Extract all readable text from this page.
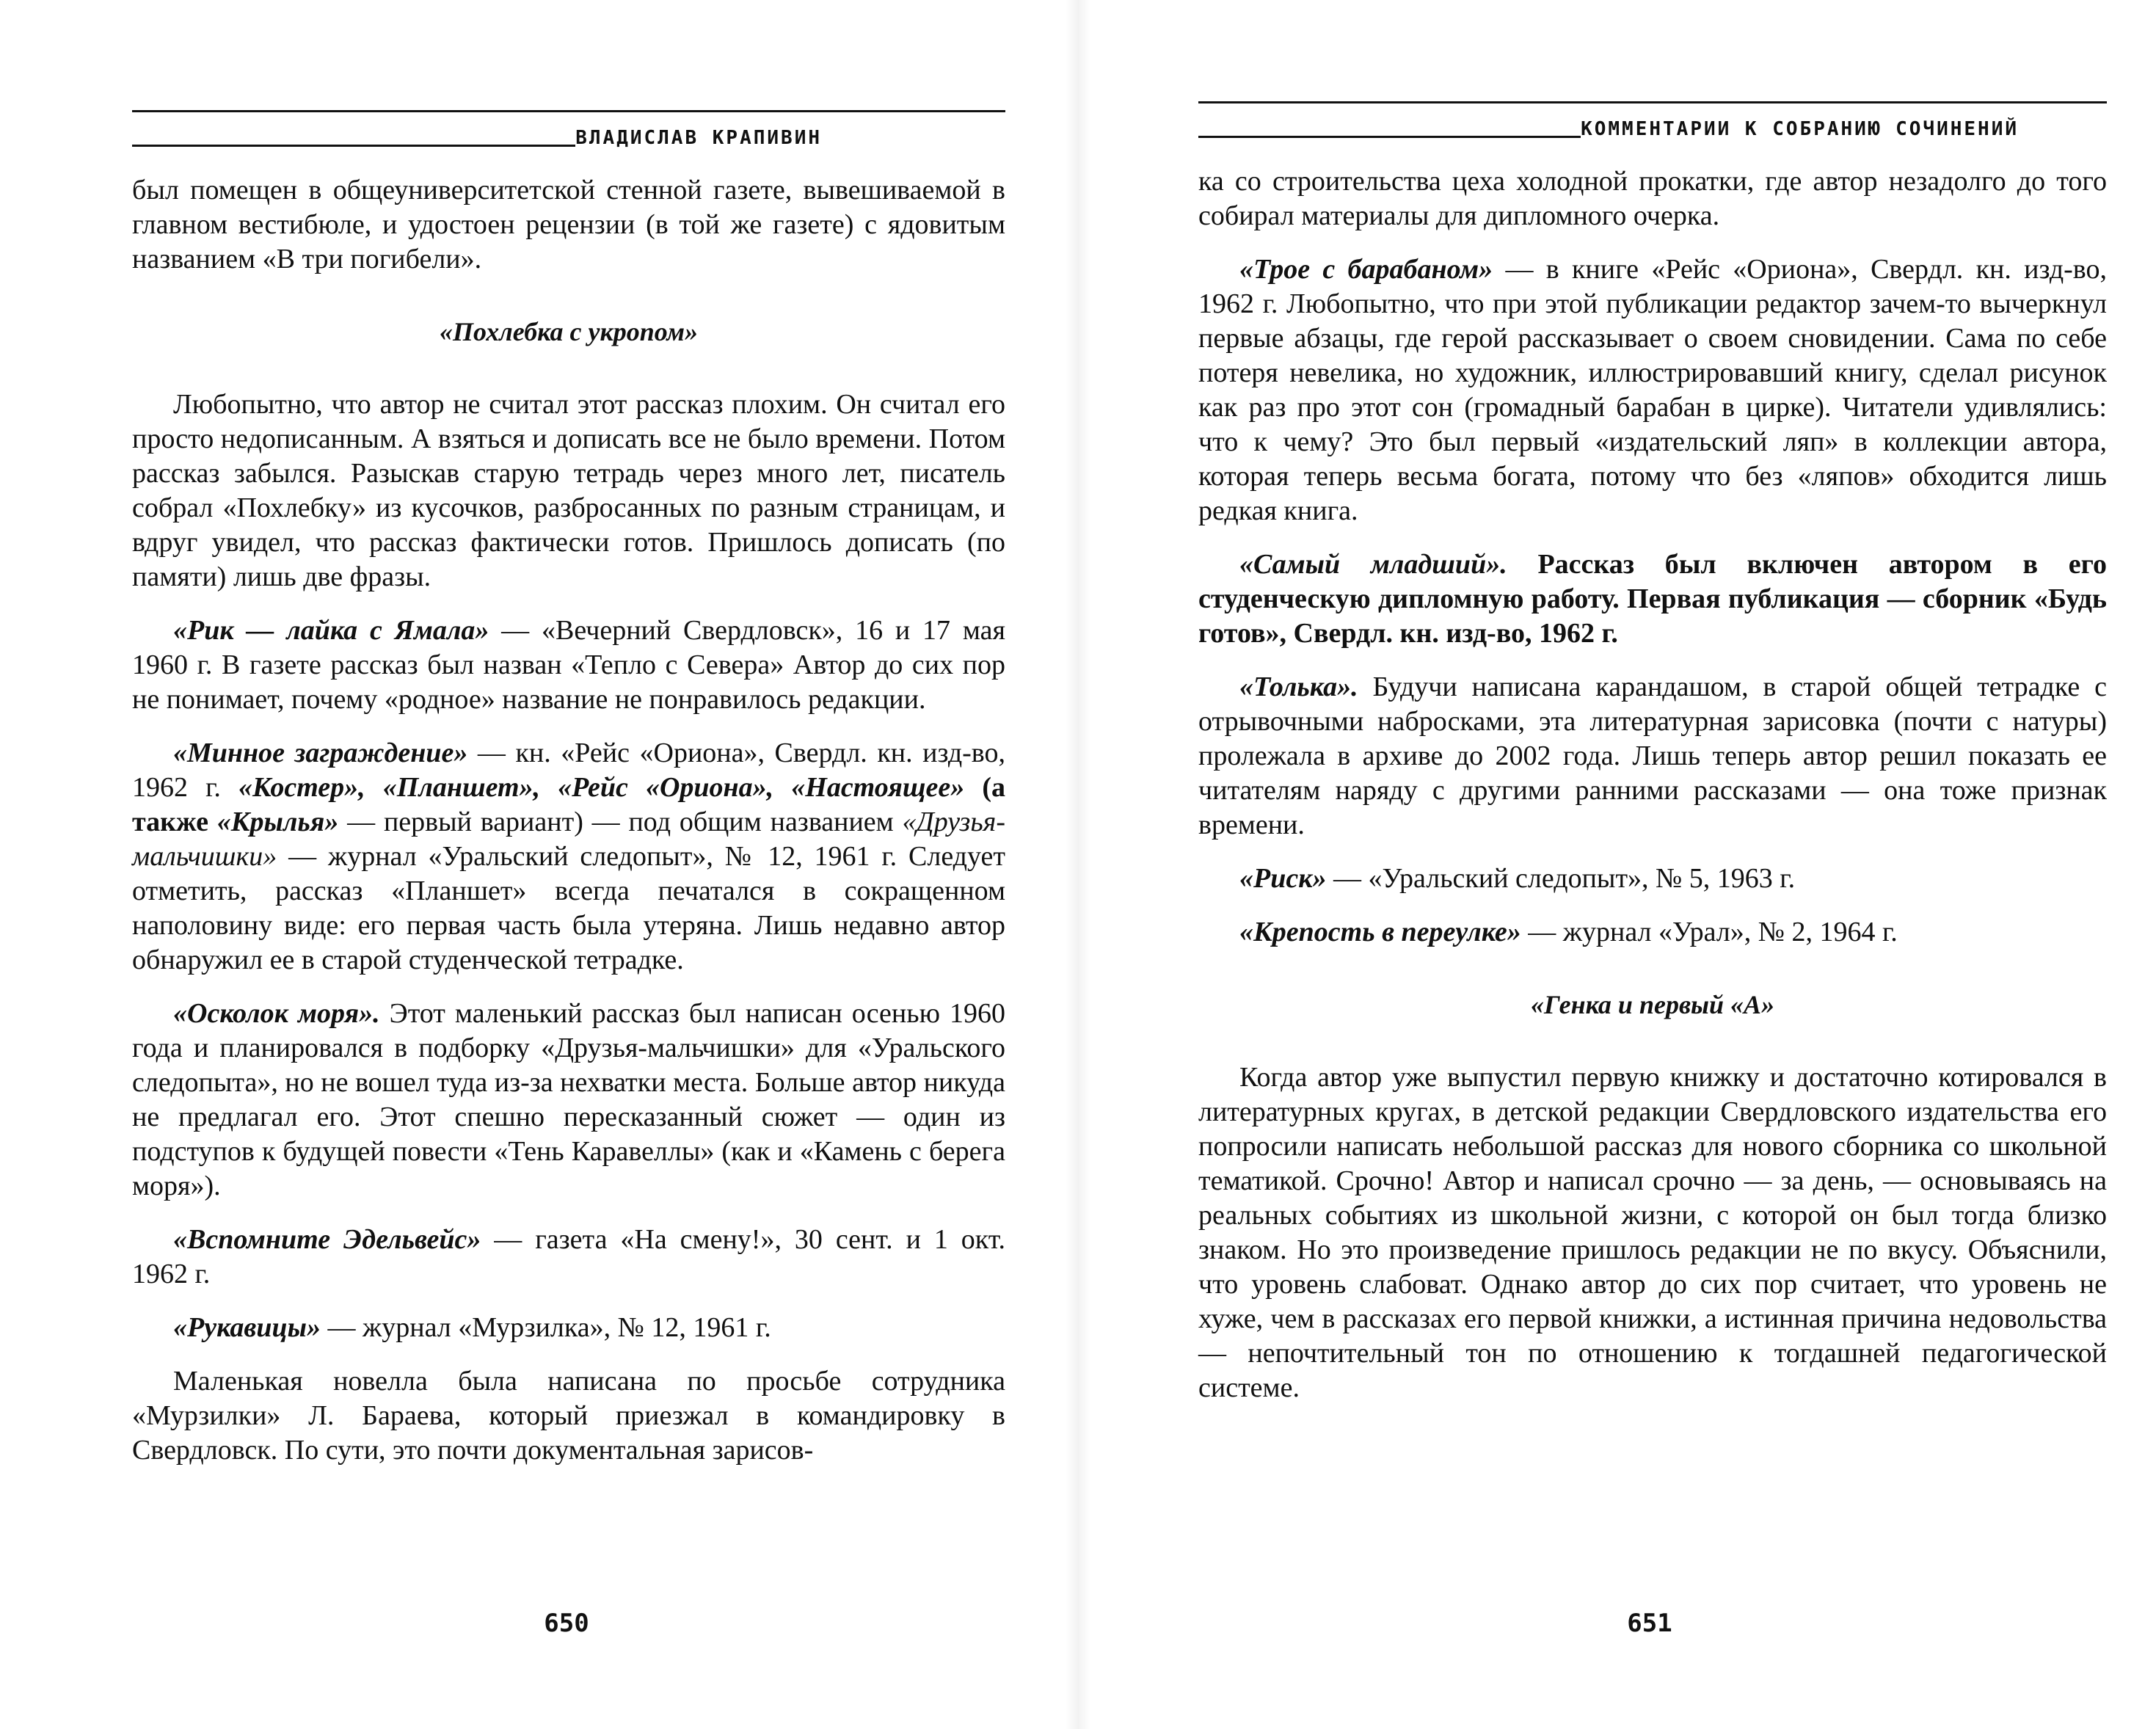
ВЛАДИСЛАВ КРАПИВИН

был помещен в общеуниверситетской стенной газете, вывешиваемой в главном вестибюле, и удостоен рецензии (в той же газете) с ядовитым названием «В три погибели».

«Похлебка с укропом»

Любопытно, что автор не считал этот рассказ плохим. Он считал его просто недописанным. А взяться и дописать все не было времени. Потом рассказ забылся. Разыскав старую тетрадь через много лет, писатель собрал «Похлебку» из кусочков, разбросанных по разным страницам, и вдруг увидел, что рассказ фактически готов. Пришлось дописать (по памяти) лишь две фразы.

«Рик — лайка с Ямала» — «Вечерний Свердловск», 16 и 17 мая 1960 г. В газете рассказ был назван «Тепло с Севера» Автор до сих пор не понимает, почему «родное» название не понравилось редакции.

«Минное заграждение» — кн. «Рейс «Ориона», Свердл. кн. изд-во, 1962 г. «Костер», «Планшет», «Рейс «Ориона», «Настоящее» (а также «Крылья» — первый вариант) — под общим названием «Друзья-мальчишки» — журнал «Уральский следопыт», № 12, 1961 г. Следует отметить, рассказ «Планшет» всегда печатался в сокращенном наполовину виде: его первая часть была утеряна. Лишь недавно автор обнаружил ее в старой студенческой тетрадке.

«Осколок моря». Этот маленький рассказ был написан осенью 1960 года и планировался в подборку «Друзья-мальчишки» для «Уральского следопыта», но не вошел туда из-за нехватки места. Больше автор никуда не предлагал его. Этот спешно пересказанный сюжет — один из подступов к будущей повести «Тень Каравеллы» (как и «Камень с берега моря»).

«Вспомните Эдельвейс» — газета «На смену!», 30 сент. и 1 окт. 1962 г.

«Рукавицы» — журнал «Мурзилка», № 12, 1961 г.

Маленькая новелла была написана по просьбе сотрудника «Мурзилки» Л. Бараева, который приезжал в командировку в Свердловск. По сути, это почти документальная зарисов-

650
КОММЕНТАРИИ К СОБРАНИЮ СОЧИНЕНИЙ

ка со строительства цеха холодной прокатки, где автор незадолго до того собирал материалы для дипломного очерка.

«Трое с барабаном» — в книге «Рейс «Ориона», Свердл. кн. изд-во, 1962 г. Любопытно, что при этой публикации редактор зачем-то вычеркнул первые абзацы, где герой рассказывает о своем сновидении. Сама по себе потеря невелика, но художник, иллюстрировавший книгу, сделал рисунок как раз про этот сон (громадный барабан в цирке). Читатели удивлялись: что к чему? Это был первый «издательский ляп» в коллекции автора, которая теперь весьма богата, потому что без «ляпов» обходится лишь редкая книга.

«Самый младший». Рассказ был включен автором в его студенческую дипломную работу. Первая публикация — сборник «Будь готов», Свердл. кн. изд-во, 1962 г.

«Толька». Будучи написана карандашом, в старой общей тетрадке с отрывочными набросками, эта литературная зарисовка (почти с натуры) пролежала в архиве до 2002 года. Лишь теперь автор решил показать ее читателям наряду с другими ранними рассказами — она тоже признак времени.

«Риск» — «Уральский следопыт», № 5, 1963 г.

«Крепость в переулке» — журнал «Урал», № 2, 1964 г.

«Генка и первый «А»

Когда автор уже выпустил первую книжку и достаточно котировался в литературных кругах, в детской редакции Свердловского издательства его попросили написать небольшой рассказ для нового сборника со школьной тематикой. Срочно! Автор и написал срочно — за день, — основываясь на реальных событиях из школьной жизни, с которой он был тогда близко знаком. Но это произведение пришлось редакции не по вкусу. Объяснили, что уровень слабоват. Однако автор до сих пор считает, что уровень не хуже, чем в рассказах его первой книжки, а истинная причина недовольства — непочтительный тон по отношению к тогдашней педагогической системе.

651
